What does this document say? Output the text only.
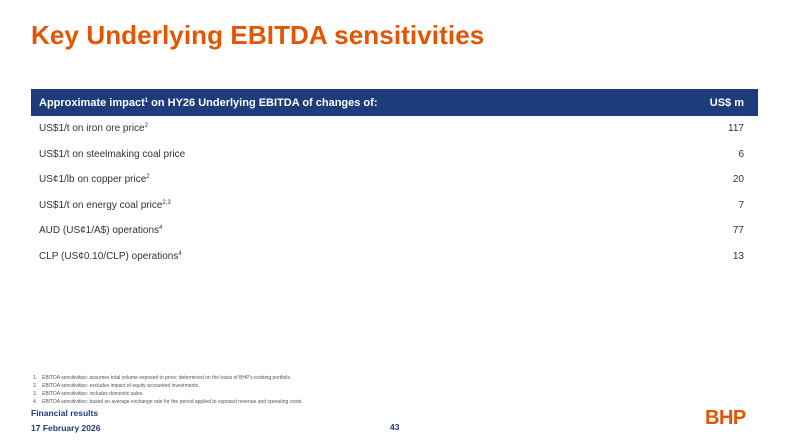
Key Underlying EBITDA sensitivities
Approximate impact$^1$ on HY26 Underlying EBITDA of changes of:	US$ m
US$1/t on iron ore price$^2$	117
US$1/t on steelmaking coal price	6
US¢1/lb on copper price$^2$	20
US$1/t on energy coal price$^{2,3}$	7
AUD (US¢1/A$) operations$^4$	77
CLP (US¢0.10/CLP) operations$^4$	13
1. EBITDA sensitivities: assumes total volume exposed to price; determined on the basis of BHP's existing portfolio.
2. EBITDA sensitivities: excludes impact of equity accounted investments.
3. EBITDA sensitivities: includes domestic sales.
4. EBITDA sensitivities: based on average exchange rate for the period applied to exposed revenue and operating costs.
Financial results
17 February 2026	43	BHP
